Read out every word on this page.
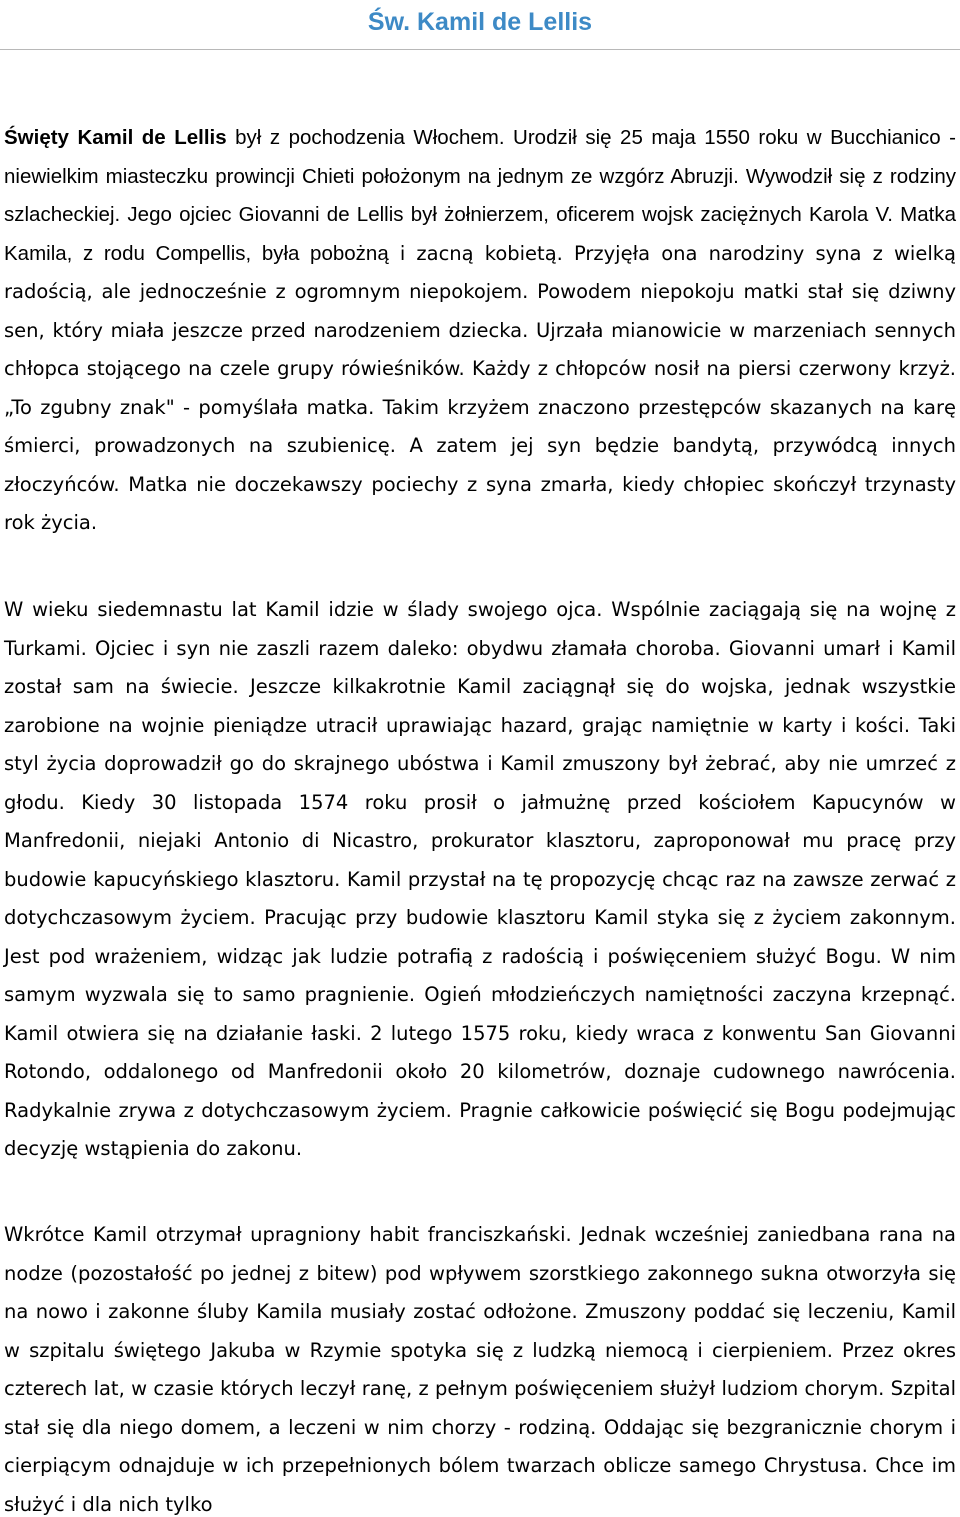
Św. Kamil de Lellis

Święty Kamil de Lellis był z pochodzenia Włochem. Urodził się 25 maja 1550 roku w Bucchianico - niewielkim miasteczku prowincji Chieti położonym na jednym ze wzgórz Abruzji. Wywodził się z rodziny szlacheckiej. Jego ojciec Giovanni de Lellis był żołnierzem, oficerem wojsk zaciężnych Karola V. Matka Kamila, z rodu Compellis, była pobożną i zacną kobietą. Przyjęła ona narodziny syna z wielką radością, ale jednocześnie z ogromnym niepokojem. Powodem niepokoju matki stał się dziwny sen, który miała jeszcze przed narodzeniem dziecka. Ujrzała mianowicie w marzeniach sennych chłopca stojącego na czele grupy rówieśników. Każdy z chłopców nosił na piersi czerwony krzyż. „To zgubny znak" - pomyślała matka. Takim krzyżem znaczono przestępców skazanych na karę śmierci, prowadzonych na szubienicę. A zatem jej syn będzie bandytą, przywódcą innych złoczyńców. Matka nie doczekawszy pociechy z syna zmarła, kiedy chłopiec skończył trzynasty rok życia.

W wieku siedemnastu lat Kamil idzie w ślady swojego ojca. Wspólnie zaciągają się na wojnę z Turkami. Ojciec i syn nie zaszli razem daleko: obydwu złamała choroba. Giovanni umarł i Kamil został sam na świecie. Jeszcze kilkakrotnie Kamil zaciągnął się do wojska, jednak wszystkie zarobione na wojnie pieniądze utracił uprawiając hazard, grając namiętnie w karty i kości. Taki styl życia doprowadził go do skrajnego ubóstwa i Kamil zmuszony był żebrać, aby nie umrzeć z głodu. Kiedy 30 listopada 1574 roku prosił o jałmużnę przed kościołem Kapucynów w Manfredonii, niejaki Antonio di Nicastro, prokurator klasztoru, zaproponował mu pracę przy budowie kapucyńskiego klasztoru. Kamil przystał na tę propozycję chcąc raz na zawsze zerwać z dotychczasowym życiem. Pracując przy budowie klasztoru Kamil styka się z życiem zakonnym. Jest pod wrażeniem, widząc jak ludzie potrafią z radością i poświęceniem służyć Bogu. W nim samym wyzwala się to samo pragnienie. Ogień młodzieńczych namiętności zaczyna krzepnąć. Kamil otwiera się na działanie łaski. 2 lutego 1575 roku, kiedy wraca z konwentu San Giovanni Rotondo, oddalonego od Manfredonii około 20 kilometrów, doznaje cudownego nawrócenia. Radykalnie zrywa z dotychczasowym życiem. Pragnie całkowicie poświęcić się Bogu podejmując decyzję wstąpienia do zakonu.

Wkrótce Kamil otrzymał upragniony habit franciszkański. Jednak wcześniej zaniedbana rana na nodze (pozostałość po jednej z bitew) pod wpływem szorstkiego zakonnego sukna otworzyła się na nowo i zakonne śluby Kamila musiały zostać odłożone. Zmuszony poddać się leczeniu, Kamil w szpitalu świętego Jakuba w Rzymie spotyka się z ludzką niemocą i cierpieniem. Przez okres czterech lat, w czasie których leczył ranę, z pełnym poświęceniem służył ludziom chorym. Szpital stał się dla niego domem, a leczeni w nim chorzy - rodziną. Oddając się bezgranicznie chorym i cierpiącym odnajduje w ich przepełnionych bólem twarzach oblicze samego Chrystusa. Chce im służyć i dla nich tylko
